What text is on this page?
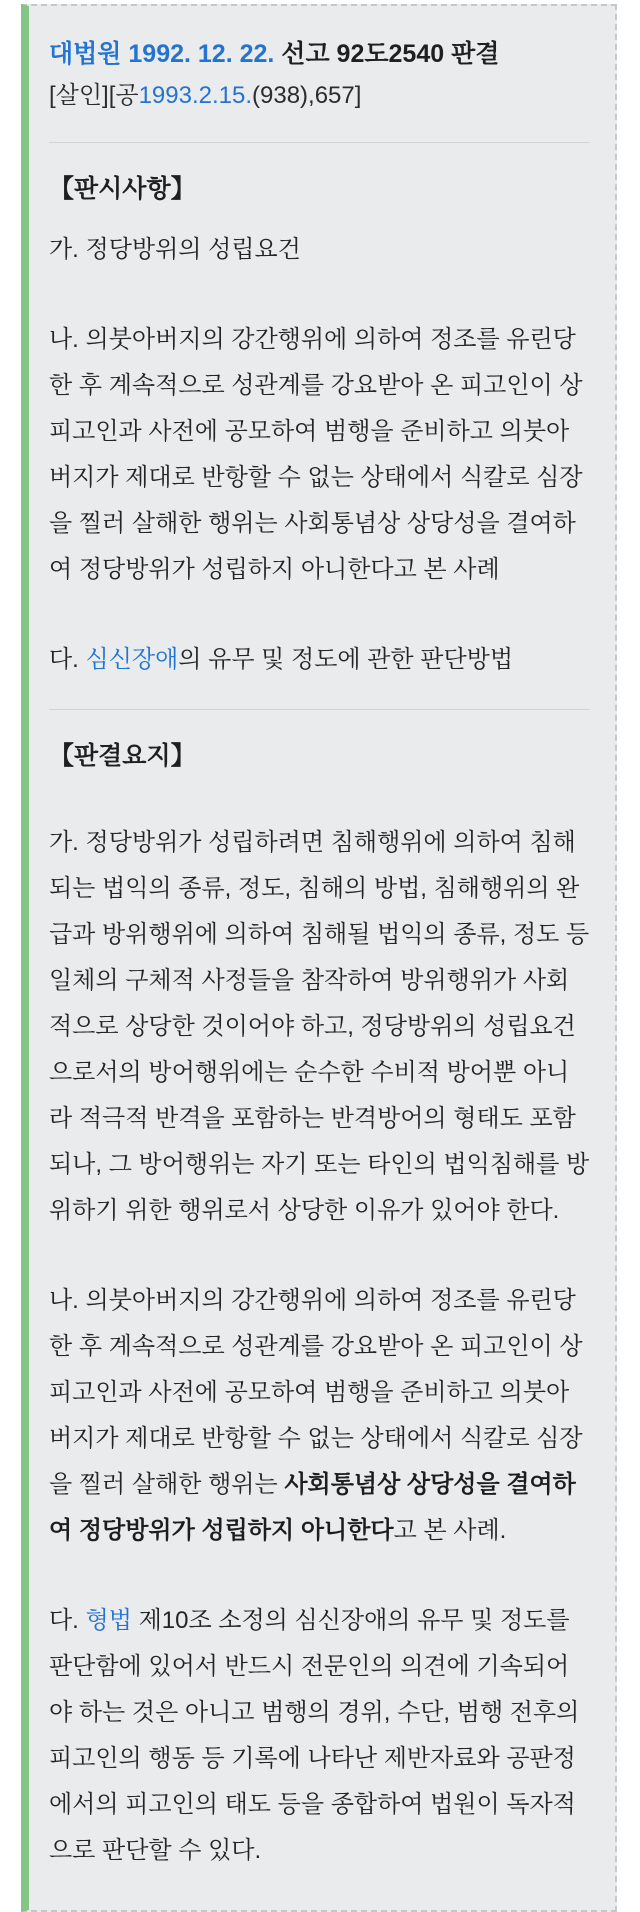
대법원 1992. 12. 22. 선고 92도2540 판결

[살인][공1993.2.15.(938),657]

【판시사항】

가. 정당방위의 성립요건

나. 의붓아버지의 강간행위에 의하여 정조를 유린당한 후 계속적으로 성관계를 강요받아 온 피고인이 상피고인과 사전에 공모하여 범행을 준비하고 의붓아버지가 제대로 반항할 수 없는 상태에서 식칼로 심장을 찔러 살해한 행위는 사회통념상 상당성을 결여하여 정당방위가 성립하지 아니한다고 본 사례

다. 심신장애의 유무 및 정도에 관한 판단방법

【판결요지】

가. 정당방위가 성립하려면 침해행위에 의하여 침해되는 법익의 종류, 정도, 침해의 방법, 침해행위의 완급과 방위행위에 의하여 침해될 법익의 종류, 정도 등 일체의 구체적 사정들을 참작하여 방위행위가 사회적으로 상당한 것이어야 하고, 정당방위의 성립요건으로서의 방어행위에는 순수한 수비적 방어뿐 아니라 적극적 반격을 포함하는 반격방어의 형태도 포함되나, 그 방어행위는 자기 또는 타인의 법익침해를 방위하기 위한 행위로서 상당한 이유가 있어야 한다.

나. 의붓아버지의 강간행위에 의하여 정조를 유린당한 후 계속적으로 성관계를 강요받아 온 피고인이 상피고인과 사전에 공모하여 범행을 준비하고 의붓아버지가 제대로 반항할 수 없는 상태에서 식칼로 심장을 찔러 살해한 행위는 사회통념상 상당성을 결여하여 정당방위가 성립하지 아니한다고 본 사례.

다. 형법 제10조 소정의 심신장애의 유무 및 정도를 판단함에 있어서 반드시 전문인의 의견에 기속되어야 하는 것은 아니고 범행의 경위, 수단, 범행 전후의 피고인의 행동 등 기록에 나타난 제반자료와 공판정에서의 피고인의 태도 등을 종합하여 법원이 독자적으로 판단할 수 있다.
